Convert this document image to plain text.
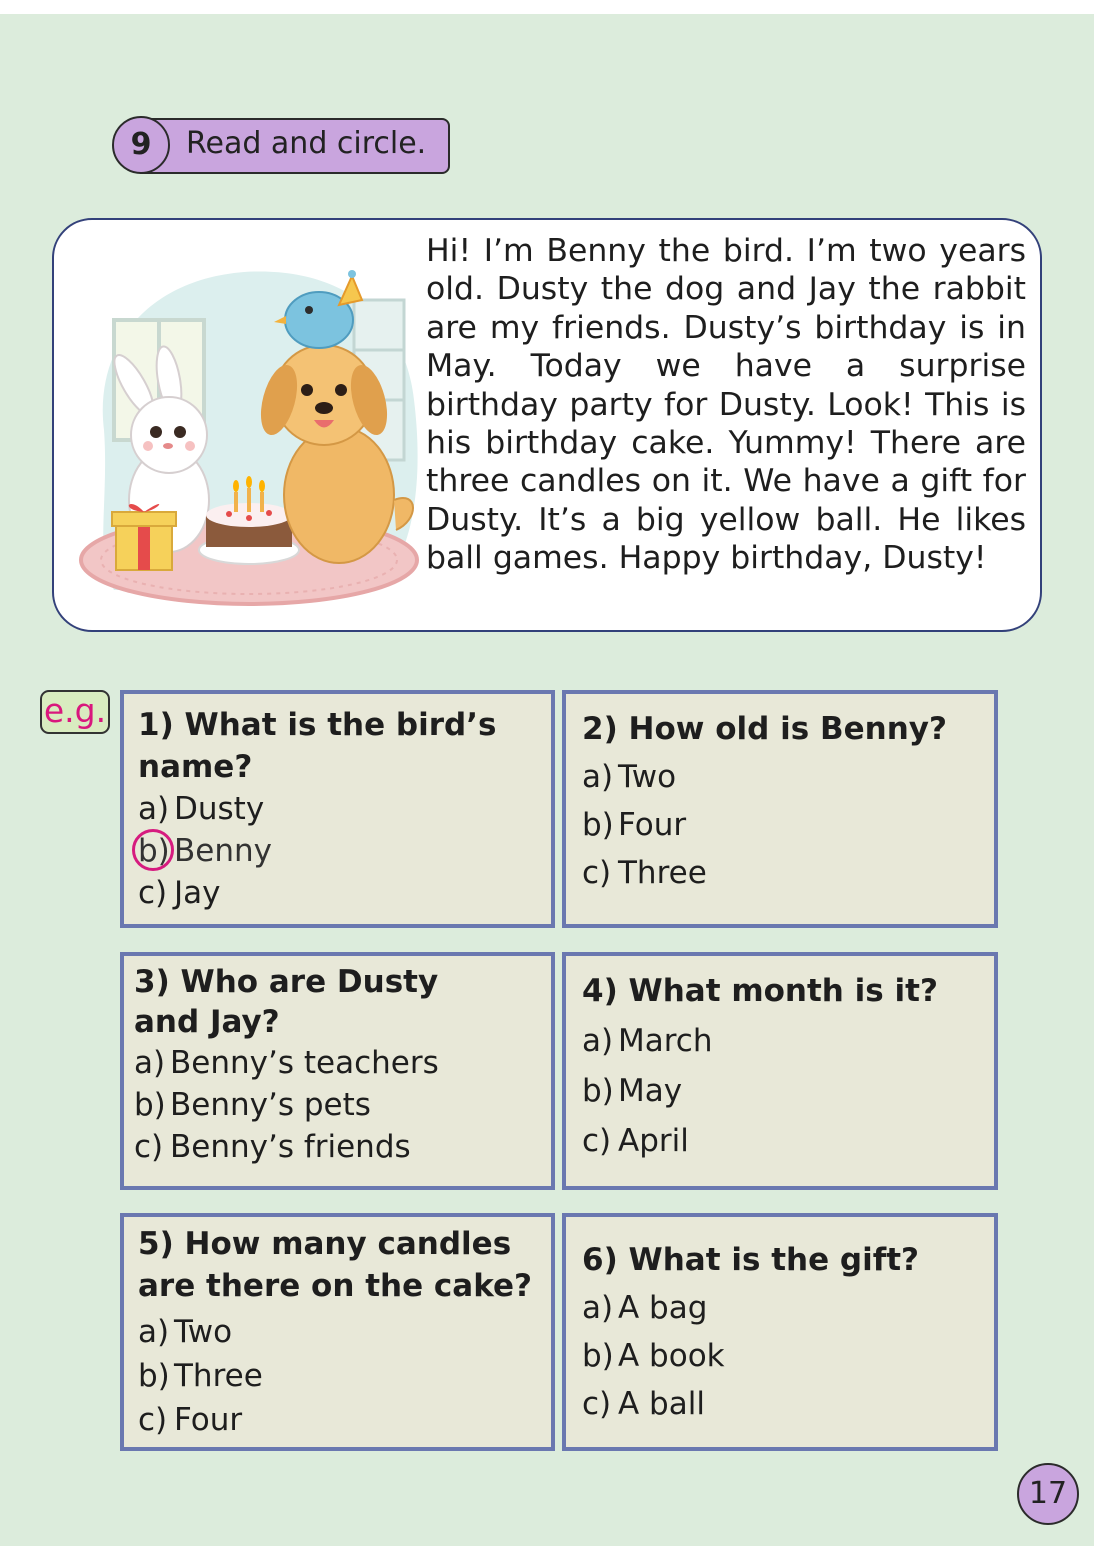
9	Read and circle.
Hi! I’m Benny the bird. I’m two years old. Dusty the dog and Jay the rabbit are my friends. Dusty’s birthday is in May. Today we have a surprise birthday party for Dusty. Look! This is his birthday cake. Yummy! There are three candles on it. We have a gift for Dusty. It’s a big yellow ball. He likes ball games. Happy birthday, Dusty!
e.g. 1) What is the bird’s name?
a) Dusty
b) Benny
c) Jay
2) How old is Benny?
a) Two
b) Four
c) Three
3) Who are Dusty and Jay?
a) Benny’s teachers
b) Benny’s pets
c) Benny’s friends
4) What month is it?
a) March
b) May
c) April
5) How many candles are there on the cake?
a) Two
b) Three
c) Four
6) What is the gift?
a) A bag
b) A book
c) A ball
17
